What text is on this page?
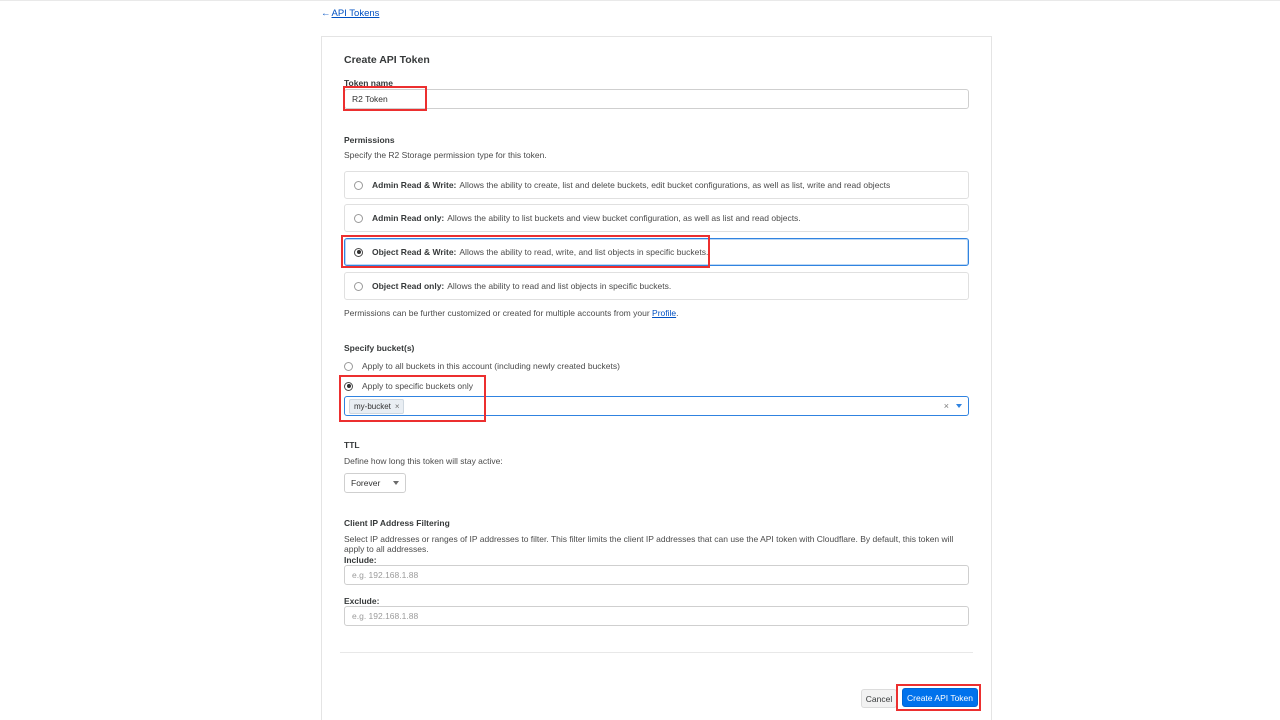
←API Tokens
Create API Token
Token name
R2 Token
Permissions
Specify the R2 Storage permission type for this token.
Admin Read & Write: Allows the ability to create, list and delete buckets, edit bucket configurations, as well as list, write and read objects
Admin Read only: Allows the ability to list buckets and view bucket configuration, as well as list and read objects.
Object Read & Write: Allows the ability to read, write, and list objects in specific buckets.
Object Read only: Allows the ability to read and list objects in specific buckets.
Permissions can be further customized or created for multiple accounts from your Profile.
Specify bucket(s)
Apply to all buckets in this account (including newly created buckets)
Apply to specific buckets only
my-bucket ×	×
TTL
Define how long this token will stay active:
Forever
Client IP Address Filtering
Select IP addresses or ranges of IP addresses to filter. This filter limits the client IP addresses that can use the API token with Cloudflare. By default, this token will apply to all addresses.
Include:
e.g. 192.168.1.88
Exclude:
e.g. 192.168.1.88
Cancel	Create API Token
